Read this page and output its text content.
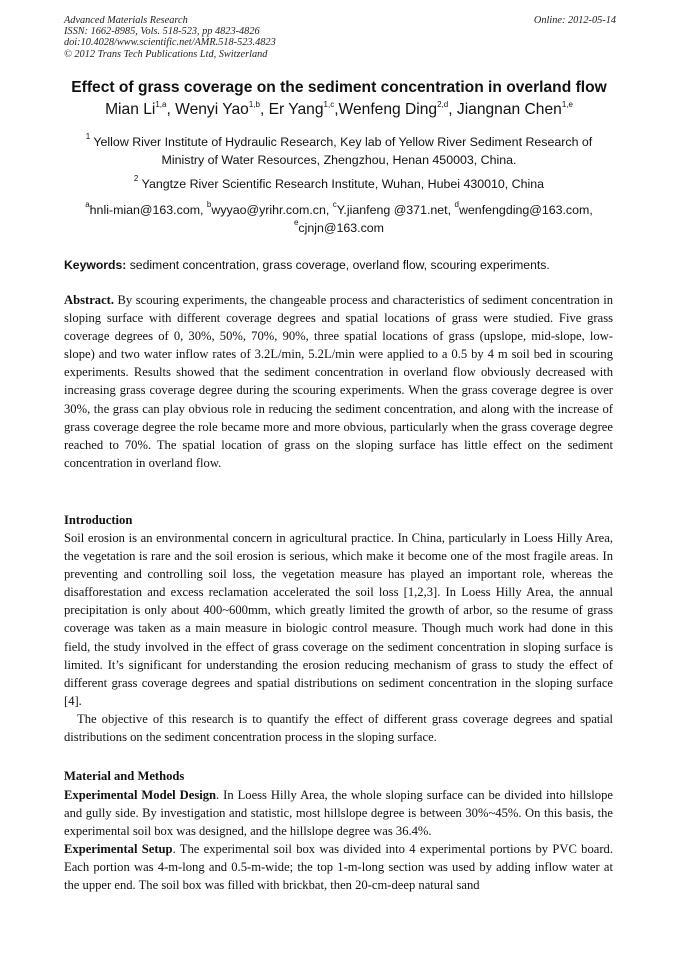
Advanced Materials Research
ISSN: 1662-8985, Vols. 518-523, pp 4823-4826
doi:10.4028/www.scientific.net/AMR.518-523.4823
© 2012 Trans Tech Publications Ltd, Switzerland
Online: 2012-05-14
Effect of grass coverage on the sediment concentration in overland flow
Mian Li$^{1,a}$, Wenyi Yao$^{1,b}$, Er Yang$^{1,c}$,Wenfeng Ding$^{2,d}$, Jiangnan Chen$^{1,e}$
$^1$ Yellow River Institute of Hydraulic Research, Key lab of Yellow River Sediment Research of
Ministry of Water Resources, Zhengzhou, Henan 450003, China.
$^2$ Yangtze River Scientific Research Institute, Wuhan, Hubei 430010, China
$^a$hnli-mian@163.com, $^b$wyyao@yrihr.com.cn, $^c$Y.jianfeng @371.net, $^d$wenfengding@163.com,
$^e$cjnjn@163.com
Keywords: sediment concentration, grass coverage, overland flow, scouring experiments.
Abstract. By scouring experiments, the changeable process and characteristics of sediment concentration in sloping surface with different coverage degrees and spatial locations of grass were studied. Five grass coverage degrees of 0, 30%, 50%, 70%, 90%, three spatial locations of grass (upslope, mid-slope, low-slope) and two water inflow rates of 3.2L/min, 5.2L/min were applied to a 0.5 by 4 m soil bed in scouring experiments. Results showed that the sediment concentration in overland flow obviously decreased with increasing grass coverage degree during the scouring experiments. When the grass coverage degree is over 30%, the grass can play obvious role in reducing the sediment concentration, and along with the increase of grass coverage degree the role became more and more obvious, particularly when the grass coverage degree reached to 70%. The spatial location of grass on the sloping surface has little effect on the sediment concentration in overland flow.
Introduction
Soil erosion is an environmental concern in agricultural practice. In China, particularly in Loess Hilly Area, the vegetation is rare and the soil erosion is serious, which make it become one of the most fragile areas. In preventing and controlling soil loss, the vegetation measure has played an important role, whereas the disafforestation and excess reclamation accelerated the soil loss [1,2,3]. In Loess Hilly Area, the annual precipitation is only about 400~600mm, which greatly limited the growth of arbor, so the resume of grass coverage was taken as a main measure in biologic control measure. Though much work had done in this field, the study involved in the effect of grass coverage on the sediment concentration in sloping surface is limited. It’s significant for understanding the erosion reducing mechanism of grass to study the effect of different grass coverage degrees and spatial distributions on sediment concentration in the sloping surface [4].
The objective of this research is to quantify the effect of different grass coverage degrees and spatial distributions on the sediment concentration process in the sloping surface.
Material and Methods
Experimental Model Design. In Loess Hilly Area, the whole sloping surface can be divided into hillslope and gully side. By investigation and statistic, most hillslope degree is between 30%~45%. On this basis, the experimental soil box was designed, and the hillslope degree was 36.4%.
Experimental Setup. The experimental soil box was divided into 4 experimental portions by PVC board. Each portion was 4-m-long and 0.5-m-wide; the top 1-m-long section was used by adding inflow water at the upper end. The soil box was filled with brickbat, then 20-cm-deep natural sand
